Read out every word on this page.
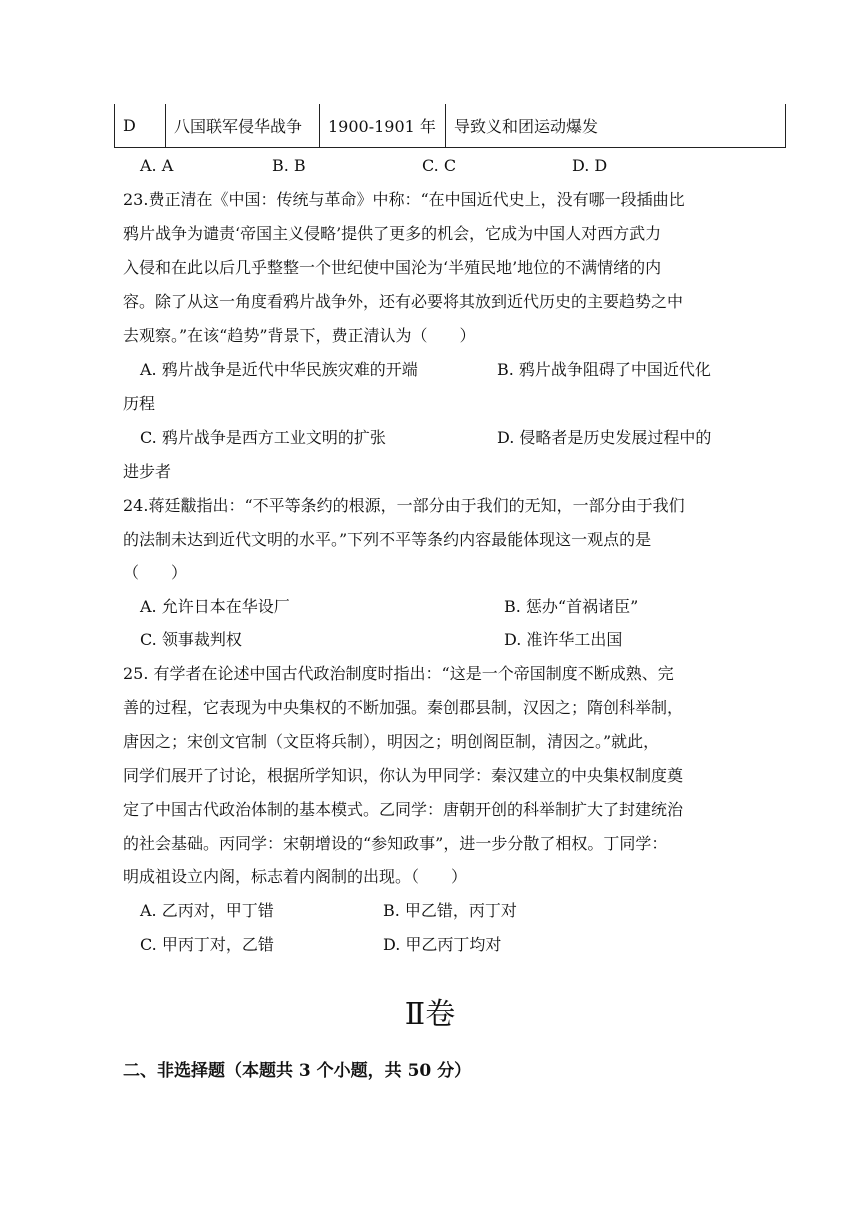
D	八国联军侵华战争	1900-1901 年	导致义和团运动爆发
A. A	B. B	C. C	D. D
23.费正清在《中国：传统与革命》中称：“在中国近代史上，没有哪一段插曲比
鸦片战争为谴责‘帝国主义侵略’提供了更多的机会，它成为中国人对西方武力
入侵和在此以后几乎整整一个世纪使中国沦为‘半殖民地’地位的不满情绪的内
容。除了从这一角度看鸦片战争外，还有必要将其放到近代历史的主要趋势之中
去观察。”在该“趋势”背景下，费正清认为（　　）
A. 鸦片战争是近代中华民族灾难的开端	B. 鸦片战争阻碍了中国近代化
历程
C. 鸦片战争是西方工业文明的扩张	D. 侵略者是历史发展过程中的
进步者
24.蒋廷黻指出：“不平等条约的根源，一部分由于我们的无知，一部分由于我们
的法制未达到近代文明的水平。”下列不平等条约内容最能体现这一观点的是
（　　）
A. 允许日本在华设厂	B. 惩办“首祸诸臣”
C. 领事裁判权	D. 准许华工出国
25. 有学者在论述中国古代政治制度时指出：“这是一个帝国制度不断成熟、完
善的过程，它表现为中央集权的不断加强。秦创郡县制，汉因之；隋创科举制，
唐因之；宋创文官制（文臣将兵制），明因之；明创阁臣制，清因之。”就此，
同学们展开了讨论，根据所学知识，你认为甲同学：秦汉建立的中央集权制度奠
定了中国古代政治体制的基本模式。乙同学：唐朝开创的科举制扩大了封建统治
的社会基础。丙同学：宋朝增设的“参知政事”，进一步分散了相权。丁同学：
明成祖设立内阁，标志着内阁制的出现。（　　）
A. 乙丙对，甲丁错	B. 甲乙错，丙丁对
C. 甲丙丁对，乙错	D. 甲乙丙丁均对
Ⅱ卷
二、非选择题（本题共 3 个小题，共 50 分）
